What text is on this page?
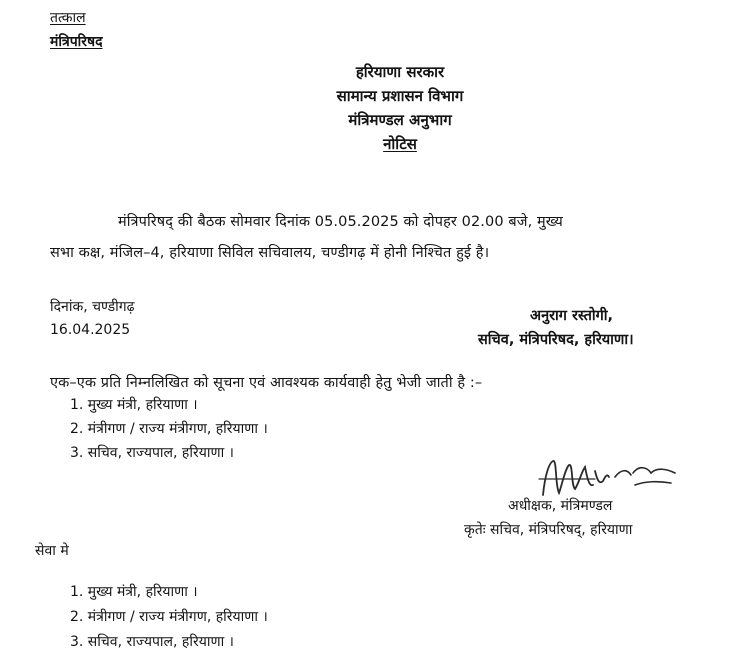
तत्काल
मंत्रिपरिषद
हरियाणा सरकार
सामान्य प्रशासन विभाग
मंत्रिमण्डल अनुभाग
नोटिस
मंत्रिपरिषद् की बैठक सोमवार दिनांक 05.05.2025 को दोपहर 02.00 बजे, मुख्य
सभा कक्ष, मंजिल–4, हरियाणा सिविल सचिवालय, चण्डीगढ़ में होनी निश्चित हुई है।
दिनांक, चण्डीगढ़
16.04.2025
अनुराग रस्तोगी,
सचिव, मंत्रिपरिषद, हरियाणा।
एक–एक प्रति निम्नलिखित को सूचना एवं आवश्यक कार्यवाही हेतु भेजी जाती है :–
1. मुख्य मंत्री, हरियाणा ।
2. मंत्रीगण / राज्य मंत्रीगण, हरियाणा ।
3. सचिव, राज्यपाल, हरियाणा ।
अधीक्षक, मंत्रिमण्डल
कृतेः सचिव, मंत्रिपरिषद्, हरियाणा
सेवा मे
1. मुख्य मंत्री, हरियाणा ।
2. मंत्रीगण / राज्य मंत्रीगण, हरियाणा ।
3. सचिव, राज्यपाल, हरियाणा ।
